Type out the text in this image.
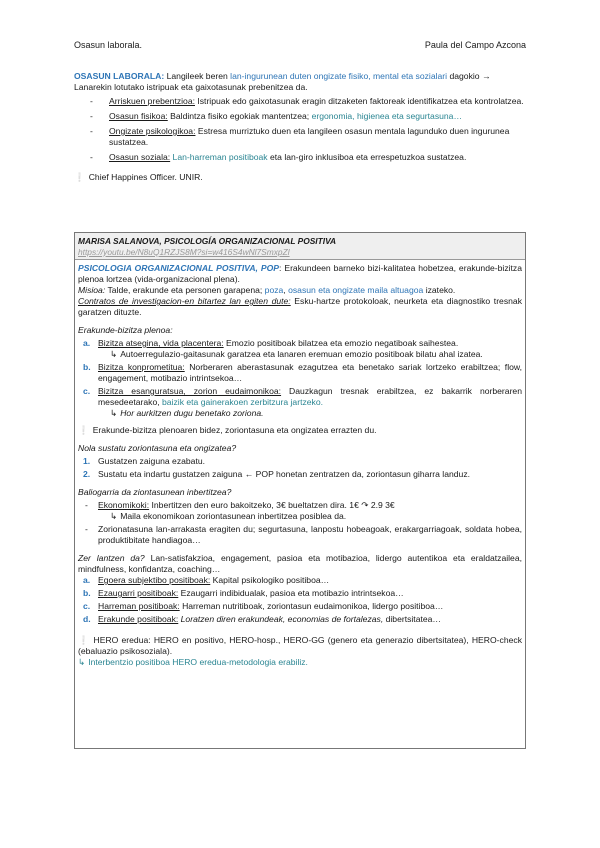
Osasun laborala.	Paula del Campo Azcona

OSASUN LABORALA: Langileek beren lan-ingurunean duten ongizate fisiko, mental eta sozialari dagokio → Lanarekin lotutako istripuak eta gaixotasunak prebenitzea da.

- Arriskuen prebentzioa: Istripuak edo gaixotasunak eragin ditzaketen faktoreak identifikatzea eta kontrolatzea.
- Osasun fisikoa: Baldintza fisiko egokiak mantentzea; ergonomia, higienea eta segurtasuna…
- Ongizate psikologikoa: Estresa murriztuko duen eta langileen osasun mentala lagunduko duen ingurunea sustatzea.
- Osasun soziala: Lan-harreman positiboak eta lan-giro inklusiboa eta errespetuzkoa sustatzea.

❕ Chief Happines Officer. UNIR.

MARISA SALANOVA, PSICOLOGÍA ORGANIZACIONAL POSITIVA
https://youtu.be/N8uQ1RZJS8M?si=w416S4wNl7SmxpZl

PSICOLOGIA ORGANIZACIONAL POSITIVA, POP: Erakundeen barneko bizi-kalitatea hobetzea, erakunde-bizitza plenoa lortzea (vida-organizacional plena).

Misioa: Talde, erakunde eta personen garapena; poza, osasun eta ongizate maila altuagoa izateko.

Contratos de investigacion-en bitartez lan egiten dute: Esku-hartze protokoloak, neurketa eta diagnostiko tresnak garatzen dituzte.

Erakunde-bizitza plenoa:
a. Bizitza atsegina, vida placentera: Emozio positiboak bilatzea eta emozio negatiboak saihestea.
↳ Autoerregulazio-gaitasunak garatzea eta lanaren eremuan emozio positiboak bilatu ahal izatea.
b. Bizitza konprometitua: Norberaren aberastasunak ezagutzea eta benetako sariak lortzeko erabiltzea; flow, engagement, motibazio intrintsekoa…
c. Bizitza esanguratsua, zorion eudaimonikoa: Dauzkagun tresnak erabiltzea, ez bakarrik norberaren mesedeetarako, baizik eta gainerakoen zerbitzura jartzeko.
↳ Hor aurkitzen dugu benetako zoriona.

❕ Erakunde-bizitza plenoaren bidez, zoriontasuna eta ongizatea errazten du.

Nola sustatu zoriontasuna eta ongizatea?
1. Gustatzen zaiguna ezabatu.
2. Sustatu eta indartu gustatzen zaiguna ← POP honetan zentratzen da, zoriontasun giharra landuz.
Baliogarria da ziontasunean inbertitzea?
- Ekonomikoki: Inbertitzen den euro bakoitzeko, 3€ bueltatzen dira. 1€ ↷ 2.9 3€
↳ Maila ekonomikoan zoriontasunean inbertitzea posiblea da.
- Zorionatasuna lan-arrakasta eragiten du; segurtasuna, lanpostu hobeagoak, erakargarriagoak, soldata hobea, produktibitate handiagoa…

Zer lantzen da? Lan-satisfakzioa, engagement, pasioa eta motibazioa, lidergo autentikoa eta eraldatzailea, mindfulness, konfidantza, coaching…

a. Egoera subjektibo positiboak: Kapital psikologiko positiboa…
b. Ezaugarri positiboak: Ezaugarri indibidualak, pasioa eta motibazio intrintsekoa…
c. Harreman positiboak: Harreman nutritiboak, zoriontasun eudaimonikoa, lidergo positiboa…
d. Erakunde positiboak: Loratzen diren erakundeak, economias de fortalezas, dibertsitatea…

❕ HERO eredua: HERO en positivo, HERO-hosp., HERO-GG (genero eta generazio dibertsitatea), HERO-check (ebaluazio psikosoziala).

↳ Interbentzio positiboa HERO eredua-metodologia erabiliz.
